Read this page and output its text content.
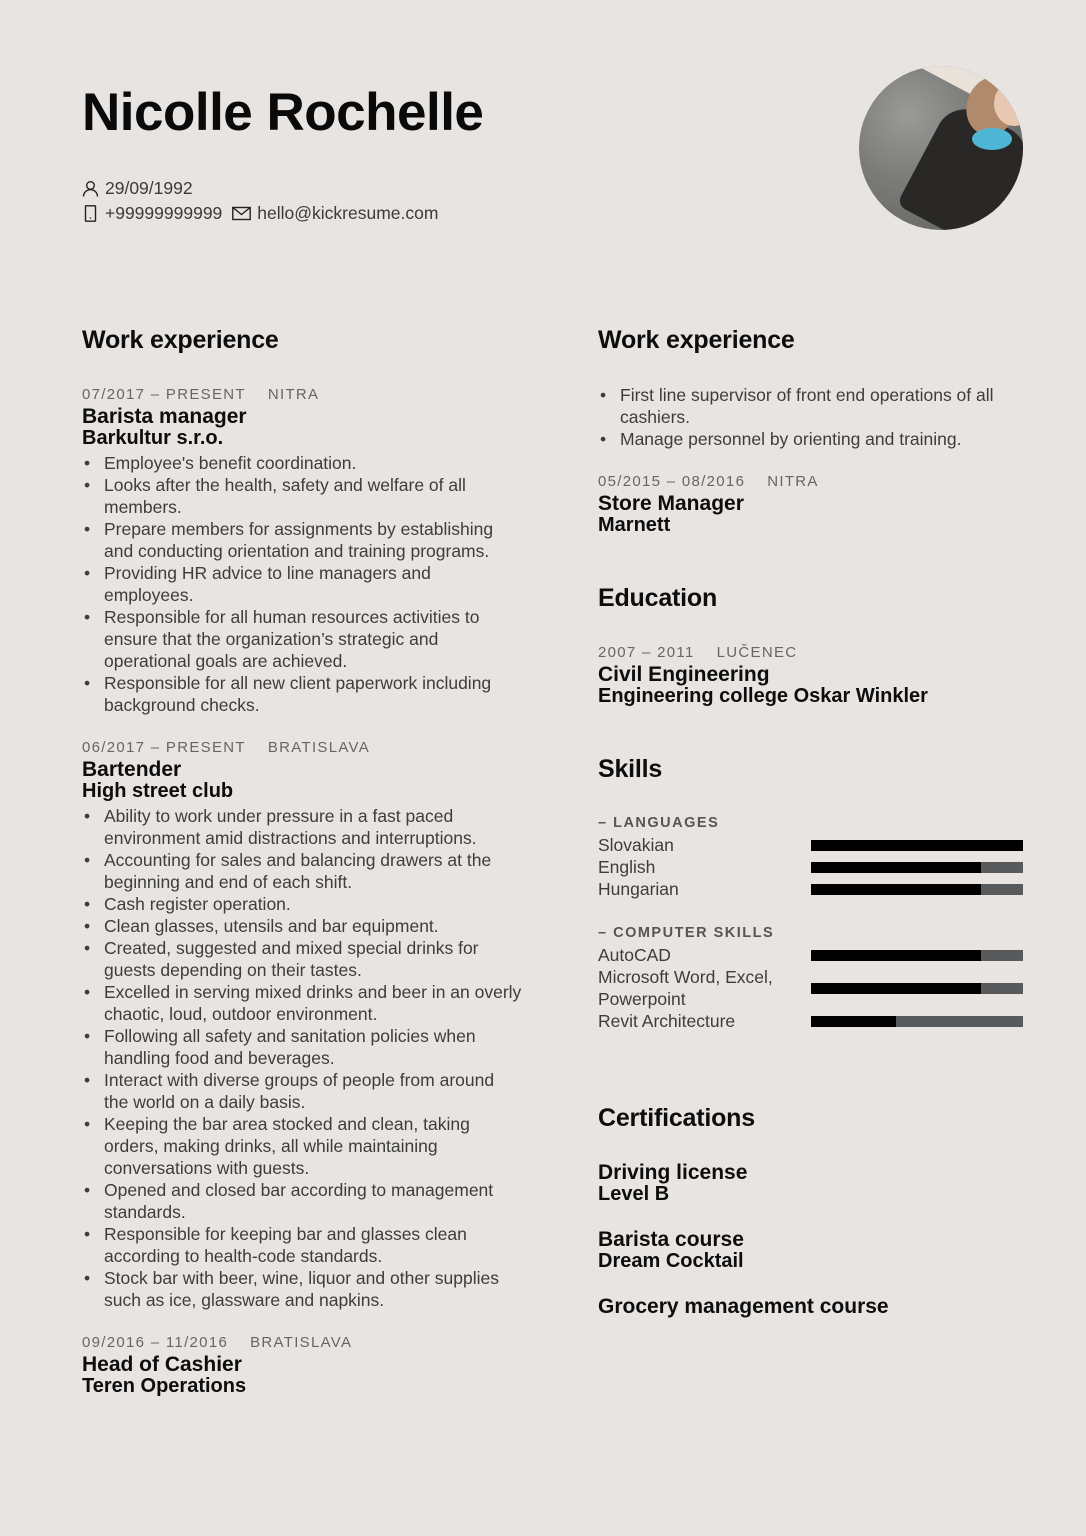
Nicolle Rochelle
29/09/1992
+99999999999 hello@kickresume.com
Work experience
07/2017 – PRESENT NITRA
Barista manager
Barkultur s.r.o.
• Employee's benefit coordination.
• Looks after the health, safety and welfare of all members.
• Prepare members for assignments by establishing and conducting orientation and training programs.
• Providing HR advice to line managers and employees.
• Responsible for all human resources activities to ensure that the organization’s strategic and operational goals are achieved.
• Responsible for all new client paperwork including background checks.
06/2017 – PRESENT BRATISLAVA
Bartender
High street club
• Ability to work under pressure in a fast paced environment amid distractions and interruptions.
• Accounting for sales and balancing drawers at the beginning and end of each shift.
• Cash register operation.
• Clean glasses, utensils and bar equipment.
• Created, suggested and mixed special drinks for guests depending on their tastes.
• Excelled in serving mixed drinks and beer in an overly chaotic, loud, outdoor environment.
• Following all safety and sanitation policies when handling food and beverages.
• Interact with diverse groups of people from around the world on a daily basis.
• Keeping the bar area stocked and clean, taking orders, making drinks, all while maintaining conversations with guests.
• Opened and closed bar according to management standards.
• Responsible for keeping bar and glasses clean according to health-code standards.
• Stock bar with beer, wine, liquor and other supplies such as ice, glassware and napkins.
09/2016 – 11/2016 BRATISLAVA
Head of Cashier
Teren Operations
Work experience
• First line supervisor of front end operations of all cashiers.
• Manage personnel by orienting and training.
05/2015 – 08/2016 NITRA
Store Manager
Marnett
Education
2007 – 2011 LUČENEC
Civil Engineering
Engineering college Oskar Winkler
Skills
– LANGUAGES
Slovakian
English
Hungarian
– COMPUTER SKILLS
AutoCAD
Microsoft Word, Excel, Powerpoint
Revit Architecture
Certifications
Driving license
Level B
Barista course
Dream Cocktail
Grocery management course
